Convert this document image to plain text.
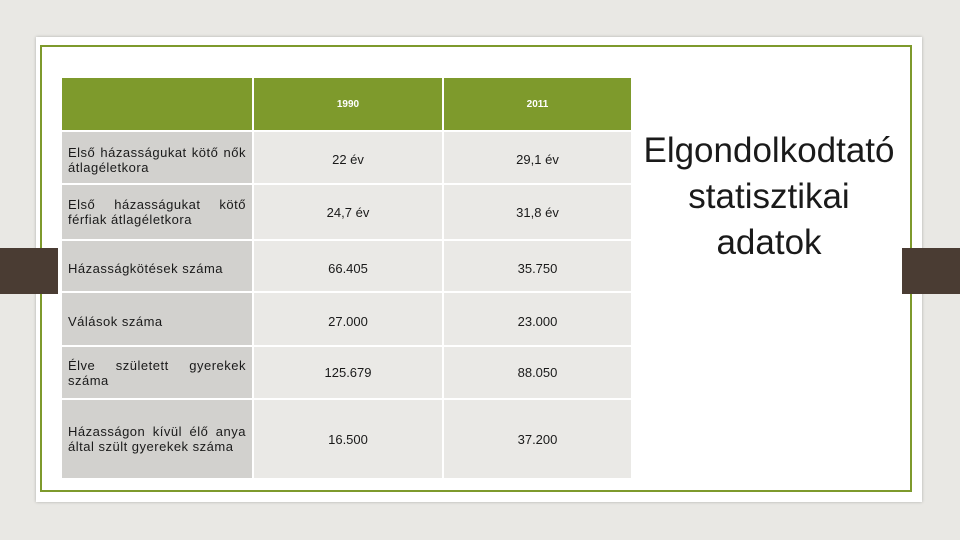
	1990	2011
Első házasságukat kötő nők átlagéletkora	22 év	29,1 év
Első házasságukat kötő férfiak átlagéletkora	24,7 év	31,8 év
Házasságkötések száma	66.405	35.750
Válások száma	27.000	23.000
Élve született gyerekek száma	125.679	88.050
Házasságon kívül élő anya által szült gyerekek száma	16.500	37.200
Elgondolkodtató
statisztikai
adatok
